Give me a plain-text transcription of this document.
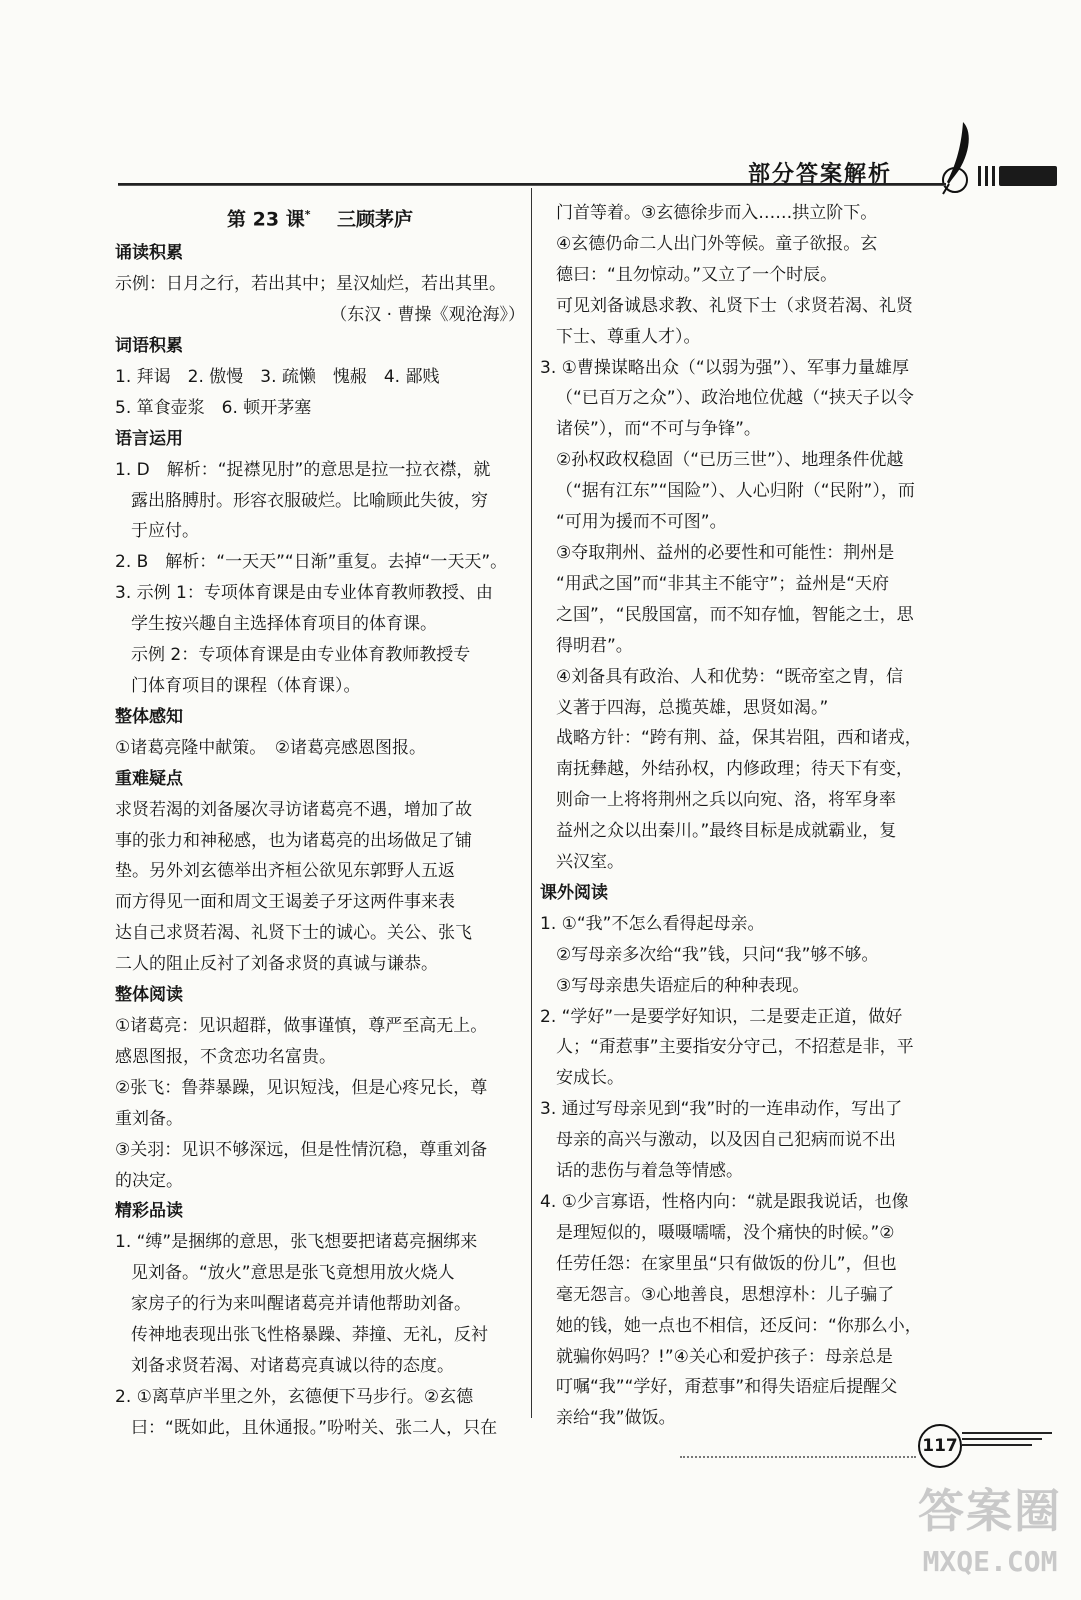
部分答案解析
第 23 课* 三顾茅庐
诵读积累
示例：日月之行，若出其中；星汉灿烂，若出其里。
（东汉 · 曹操《观沧海》）
词语积累
1. 拜谒　2. 傲慢　3. 疏懒　愧赧　4. 鄙贱
5. 箪食壶浆　6. 顿开茅塞
语言运用
1. D　解析：“捉襟见肘”的意思是拉一拉衣襟，就
露出胳膊肘。形容衣服破烂。比喻顾此失彼，穷
于应付。
2. B　解析：“一天天”“日渐”重复。去掉“一天天”。
3. 示例 1：专项体育课是由专业体育教师教授、由
学生按兴趣自主选择体育项目的体育课。
示例 2：专项体育课是由专业体育教师教授专
门体育项目的课程（体育课）。
整体感知
①诸葛亮隆中献策。　②诸葛亮感恩图报。
重难疑点
求贤若渴的刘备屡次寻访诸葛亮不遇，增加了故
事的张力和神秘感，也为诸葛亮的出场做足了铺
垫。另外刘玄德举出齐桓公欲见东郭野人五返
而方得见一面和周文王谒姜子牙这两件事来表
达自己求贤若渴、礼贤下士的诚心。关公、张飞
二人的阻止反衬了刘备求贤的真诚与谦恭。
整体阅读
①诸葛亮：见识超群，做事谨慎，尊严至高无上。
感恩图报，不贪恋功名富贵。
②张飞：鲁莽暴躁，见识短浅，但是心疼兄长，尊
重刘备。
③关羽：见识不够深远，但是性情沉稳，尊重刘备
的决定。
精彩品读
1. “缚”是捆绑的意思，张飞想要把诸葛亮捆绑来
见刘备。“放火”意思是张飞竟想用放火烧人
家房子的行为来叫醒诸葛亮并请他帮助刘备。
传神地表现出张飞性格暴躁、莽撞、无礼，反衬
刘备求贤若渴、对诸葛亮真诚以待的态度。
2. ①离草庐半里之外，玄德便下马步行。②玄德
曰：“既如此，且休通报。”吩咐关、张二人，只在
门首等着。③玄德徐步而入……拱立阶下。
④玄德仍命二人出门外等候。童子欲报。玄
德曰：“且勿惊动。”又立了一个时辰。
可见刘备诚恳求教、礼贤下士（求贤若渴、礼贤
下士、尊重人才）。
3. ①曹操谋略出众（“以弱为强”）、军事力量雄厚
（“已百万之众”）、政治地位优越（“挟天子以令
诸侯”），而“不可与争锋”。
②孙权政权稳固（“已历三世”）、地理条件优越
（“据有江东”“国险”）、人心归附（“民附”），而
“可用为援而不可图”。
③夺取荆州、益州的必要性和可能性：荆州是
“用武之国”而“非其主不能守”；益州是“天府
之国”，“民殷国富，而不知存恤，智能之士，思
得明君”。
④刘备具有政治、人和优势：“既帝室之胄，信
义著于四海，总揽英雄，思贤如渴。”
战略方针：“跨有荆、益，保其岩阻，西和诸戎，
南抚彝越，外结孙权，内修政理；待天下有变，
则命一上将将荆州之兵以向宛、洛，将军身率
益州之众以出秦川。”最终目标是成就霸业，复
兴汉室。
课外阅读
1. ①“我”不怎么看得起母亲。
②写母亲多次给“我”钱，只问“我”够不够。
③写母亲患失语症后的种种表现。
2. “学好”一是要学好知识，二是要走正道，做好
人；“甭惹事”主要指安分守己，不招惹是非，平
安成长。
3. 通过写母亲见到“我”时的一连串动作，写出了
母亲的高兴与激动，以及因自己犯病而说不出
话的悲伤与着急等情感。
4. ①少言寡语，性格内向：“就是跟我说话，也像
是理短似的，嗫嗫嚅嚅，没个痛快的时候。”②
任劳任怨：在家里虽“只有做饭的份儿”，但也
毫无怨言。③心地善良，思想淳朴：儿子骗了
她的钱，她一点也不相信，还反问：“你那么小，
就骗你妈吗？!”④关心和爱护孩子：母亲总是
叮嘱“我”“学好，甭惹事”和得失语症后提醒父
亲给“我”做饭。
117
答案圈
MXQE.COM
